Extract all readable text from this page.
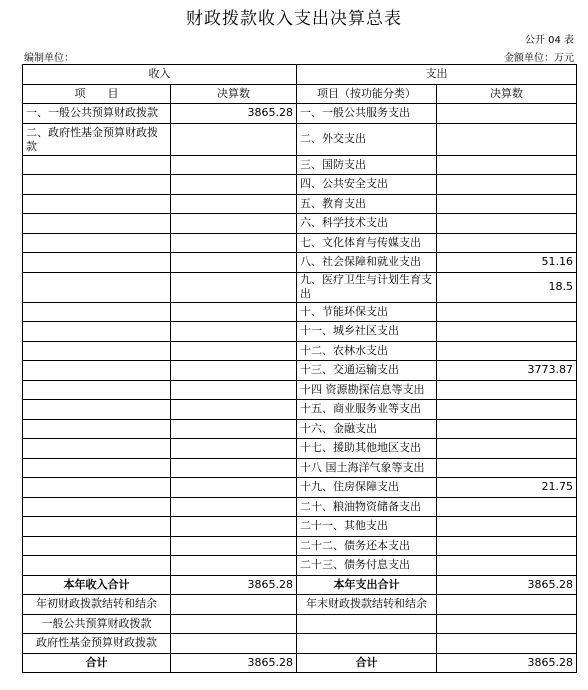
财政拨款收入支出决算总表
公开 04 表
编制单位：	金额单位：万元
收入		支出	
项　　目	决算数	项目（按功能分类）	决算数
一、一般公共预算财政拨款	3865.28	一、一般公共服务支出	
二、政府性基金预算财政拨款		二、外交支出	
		三、国防支出	
		四、公共安全支出	
		五、教育支出	
		六、科学技术支出	
		七、文化体育与传媒支出	
		八、社会保障和就业支出	51.16
		九、医疗卫生与计划生育支出	18.5
		十、节能环保支出	
		十一、城乡社区支出	
		十二、农林水支出	
		十三、交通运输支出	3773.87
		十四 资源勘探信息等支出	
		十五、商业服务业等支出	
		十六、金融支出	
		十七、援助其他地区支出	
		十八 国土海洋气象等支出	
		十九、住房保障支出	21.75
		二十、粮油物资储备支出	
		二十一、其他支出	
		二十二、债务还本支出	
		二十三、债务付息支出	
本年收入合计	3865.28	本年支出合计	3865.28
年初财政拨款结转和结余		年末财政拨款结转和结余	
一般公共预算财政拨款			
政府性基金预算财政拨款			
合计	3865.28	合计	3865.28
